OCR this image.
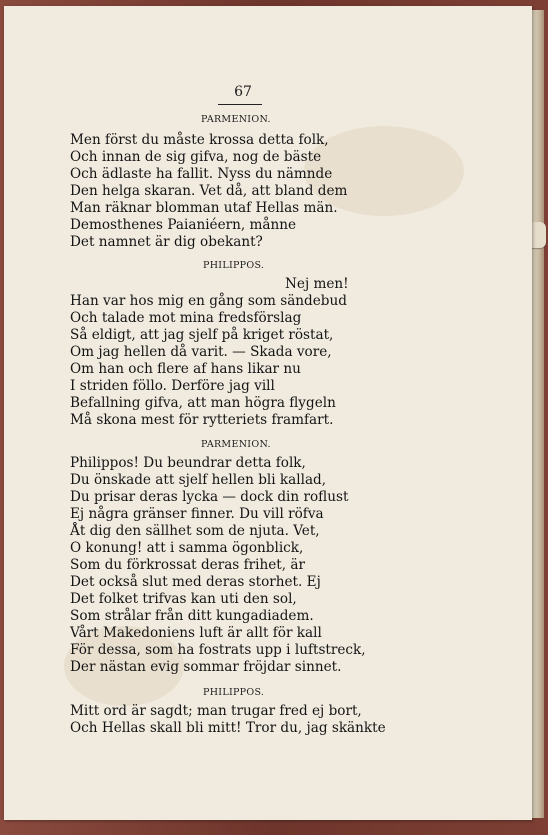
67
PARMENION.
Men först du måste krossa detta folk,
Och innan de sig gifva, nog de bäste
Och ädlaste ha fallit. Nyss du nämnde
Den helga skaran. Vet då, att bland dem
Man räknar blomman utaf Hellas män.
Demosthenes Paianiéern, månne
Det namnet är dig obekant?
PHILIPPOS.
Nej men!
Han var hos mig en gång som sändebud
Och talade mot mina fredsförslag
Så eldigt, att jag sjelf på kriget röstat,
Om jag hellen då varit. — Skada vore,
Om han och flere af hans likar nu
I striden föllo. Derföre jag vill
Befallning gifva, att man högra flygeln
Må skona mest för rytteriets framfart.
PARMENION.
Philippos! Du beundrar detta folk,
Du önskade att sjelf hellen bli kallad,
Du prisar deras lycka — dock din roflust
Ej några gränser finner. Du vill röfva
Åt dig den sällhet som de njuta. Vet,
O konung! att i samma ögonblick,
Som du förkrossat deras frihet, är
Det också slut med deras storhet. Ej
Det folket trifvas kan uti den sol,
Som strålar från ditt kungadiadem.
Vårt Makedoniens luft är allt för kall
För dessa, som ha fostrats upp i luftstreck,
Der nästan evig sommar fröjdar sinnet.
PHILIPPOS.
Mitt ord är sagdt; man trugar fred ej bort,
Och Hellas skall bli mitt! Tror du, jag skänkte
